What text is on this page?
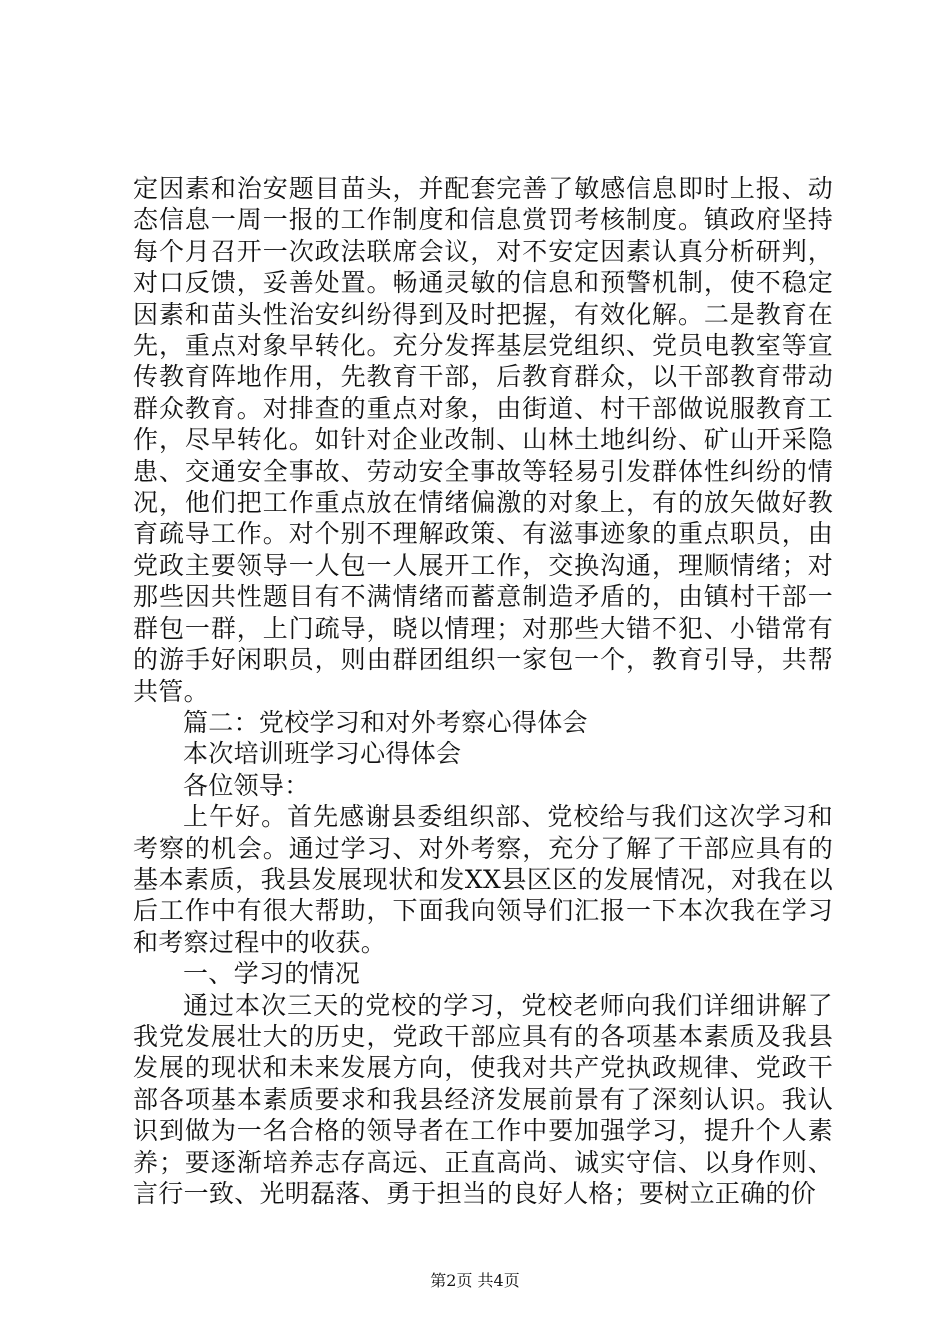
定因素和治安题目苗头，并配套完善了敏感信息即时上报、动态信息一周一报的工作制度和信息赏罚考核制度。镇政府坚持每个月召开一次政法联席会议，对不安定因素认真分析研判，对口反馈，妥善处置。畅通灵敏的信息和预警机制，使不稳定因素和苗头性治安纠纷得到及时把握，有效化解。二是教育在先，重点对象早转化。充分发挥基层党组织、党员电教室等宣传教育阵地作用，先教育干部，后教育群众，以干部教育带动群众教育。对排查的重点对象，由街道、村干部做说服教育工作，尽早转化。如针对企业改制、山林土地纠纷、矿山开采隐患、交通安全事故、劳动安全事故等轻易引发群体性纠纷的情况，他们把工作重点放在情绪偏激的对象上，有的放矢做好教育疏导工作。对个别不理解政策、有滋事迹象的重点职员，由党政主要领导一人包一人展开工作，交换沟通，理顺情绪；对那些因共性题目有不满情绪而蓄意制造矛盾的，由镇村干部一群包一群，上门疏导，晓以情理；对那些大错不犯、小错常有的游手好闲职员，则由群团组织一家包一个，教育引导，共帮共管。

篇二：党校学习和对外考察心得体会

本次培训班学习心得体会

各位领导：

上午好。首先感谢县委组织部、党校给与我们这次学习和考察的机会。通过学习、对外考察，充分了解了干部应具有的基本素质，我县发展现状和发XX县区区的发展情况，对我在以后工作中有很大帮助，下面我向领导们汇报一下本次我在学习和考察过程中的收获。

一、学习的情况

通过本次三天的党校的学习，党校老师向我们详细讲解了我党发展壮大的历史，党政干部应具有的各项基本素质及我县发展的现状和未来发展方向，使我对共产党执政规律、党政干部各项基本素质要求和我县经济发展前景有了深刻认识。我认识到做为一名合格的领导者在工作中要加强学习，提升个人素养；要逐渐培养志存高远、正直高尚、诚实守信、以身作则、言行一致、光明磊落、勇于担当的良好人格；要树立正确的价

第2页 共4页
